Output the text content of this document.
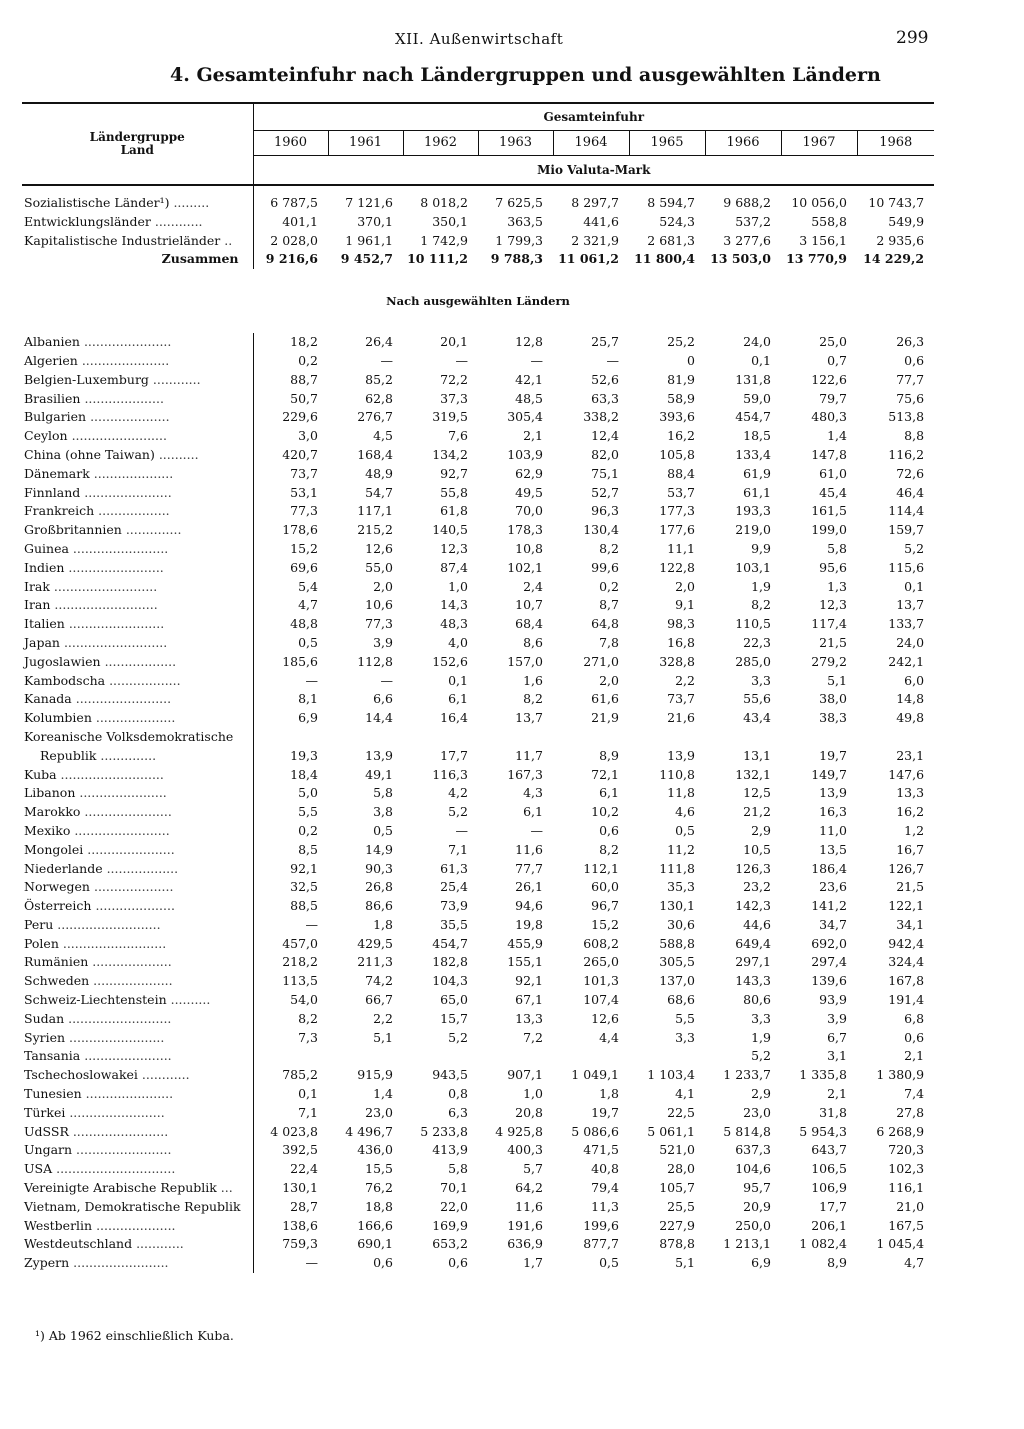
XII. Außenwirtschaft	299
4. Gesamteinfuhr nach Ländergruppen und ausgewählten Ländern
Ländergruppe
Land	Gesamteinfuhr								
	1960	1961	1962	1963	1964	1965	1966	1967	1968
	Mio Valuta-Mark								

Sozialistische Länder¹) .........	6 787,5	7 121,6	8 018,2	7 625,5	8 297,7	8 594,7	9 688,2	10 056,0	10 743,7
Entwicklungsländer ............	401,1	370,1	350,1	363,5	441,6	524,3	537,2	558,8	549,9
Kapitalistische Industrieländer ..	2 028,0	1 961,1	1 742,9	1 799,3	2 321,9	2 681,3	3 277,6	3 156,1	2 935,6
Zusammen	9 216,6	9 452,7	10 111,2	9 788,3	11 061,2	11 800,4	13 503,0	13 770,9	14 229,2
Nach ausgewählten Ländern									
Albanien ......................	18,2	26,4	20,1	12,8	25,7	25,2	24,0	25,0	26,3
Algerien ......................	0,2	—	—	—	—	0	0,1	0,7	0,6
Belgien-Luxemburg ............	88,7	85,2	72,2	42,1	52,6	81,9	131,8	122,6	77,7
Brasilien ....................	50,7	62,8	37,3	48,5	63,3	58,9	59,0	79,7	75,6
Bulgarien ....................	229,6	276,7	319,5	305,4	338,2	393,6	454,7	480,3	513,8
Ceylon ........................	3,0	4,5	7,6	2,1	12,4	16,2	18,5	1,4	8,8
China (ohne Taiwan) ..........	420,7	168,4	134,2	103,9	82,0	105,8	133,4	147,8	116,2
Dänemark ....................	73,7	48,9	92,7	62,9	75,1	88,4	61,9	61,0	72,6
Finnland ......................	53,1	54,7	55,8	49,5	52,7	53,7	61,1	45,4	46,4
Frankreich ..................	77,3	117,1	61,8	70,0	96,3	177,3	193,3	161,5	114,4
Großbritannien ..............	178,6	215,2	140,5	178,3	130,4	177,6	219,0	199,0	159,7
Guinea ........................	15,2	12,6	12,3	10,8	8,2	11,1	9,9	5,8	5,2
Indien ........................	69,6	55,0	87,4	102,1	99,6	122,8	103,1	95,6	115,6
Irak ..........................	5,4	2,0	1,0	2,4	0,2	2,0	1,9	1,3	0,1
Iran ..........................	4,7	10,6	14,3	10,7	8,7	9,1	8,2	12,3	13,7
Italien ........................	48,8	77,3	48,3	68,4	64,8	98,3	110,5	117,4	133,7
Japan ..........................	0,5	3,9	4,0	8,6	7,8	16,8	22,3	21,5	24,0
Jugoslawien ..................	185,6	112,8	152,6	157,0	271,0	328,8	285,0	279,2	242,1
Kambodscha ..................	—	—	0,1	1,6	2,0	2,2	3,3	5,1	6,0
Kanada ........................	8,1	6,6	6,1	8,2	61,6	73,7	55,6	38,0	14,8
Kolumbien ....................	6,9	14,4	16,4	13,7	21,9	21,6	43,4	38,3	49,8
Koreanische Volksdemokratische									
Republik ..............	19,3	13,9	17,7	11,7	8,9	13,9	13,1	19,7	23,1
Kuba ..........................	18,4	49,1	116,3	167,3	72,1	110,8	132,1	149,7	147,6
Libanon ......................	5,0	5,8	4,2	4,3	6,1	11,8	12,5	13,9	13,3
Marokko ......................	5,5	3,8	5,2	6,1	10,2	4,6	21,2	16,3	16,2
Mexiko ........................	0,2	0,5	—	—	0,6	0,5	2,9	11,0	1,2
Mongolei ......................	8,5	14,9	7,1	11,6	8,2	11,2	10,5	13,5	16,7
Niederlande ..................	92,1	90,3	61,3	77,7	112,1	111,8	126,3	186,4	126,7
Norwegen ....................	32,5	26,8	25,4	26,1	60,0	35,3	23,2	23,6	21,5
Österreich ....................	88,5	86,6	73,9	94,6	96,7	130,1	142,3	141,2	122,1
Peru ..........................	—	1,8	35,5	19,8	15,2	30,6	44,6	34,7	34,1
Polen ..........................	457,0	429,5	454,7	455,9	608,2	588,8	649,4	692,0	942,4
Rumänien ....................	218,2	211,3	182,8	155,1	265,0	305,5	297,1	297,4	324,4
Schweden ....................	113,5	74,2	104,3	92,1	101,3	137,0	143,3	139,6	167,8
Schweiz-Liechtenstein ..........	54,0	66,7	65,0	67,1	107,4	68,6	80,6	93,9	191,4
Sudan ..........................	8,2	2,2	15,7	13,3	12,6	5,5	3,3	3,9	6,8
Syrien ........................	7,3	5,1	5,2	7,2	4,4	3,3	1,9	6,7	0,6
Tansania ......................							5,2	3,1	2,1
Tschechoslowakei ............	785,2	915,9	943,5	907,1	1 049,1	1 103,4	1 233,7	1 335,8	1 380,9
Tunesien ......................	0,1	1,4	0,8	1,0	1,8	4,1	2,9	2,1	7,4
Türkei ........................	7,1	23,0	6,3	20,8	19,7	22,5	23,0	31,8	27,8
UdSSR ........................	4 023,8	4 496,7	5 233,8	4 925,8	5 086,6	5 061,1	5 814,8	5 954,3	6 268,9
Ungarn ........................	392,5	436,0	413,9	400,3	471,5	521,0	637,3	643,7	720,3
USA ..............................	22,4	15,5	5,8	5,7	40,8	28,0	104,6	106,5	102,3
Vereinigte Arabische Republik ...	130,1	76,2	70,1	64,2	79,4	105,7	95,7	106,9	116,1
Vietnam, Demokratische Republik	28,7	18,8	22,0	11,6	11,3	25,5	20,9	17,7	21,0
Westberlin ....................	138,6	166,6	169,9	191,6	199,6	227,9	250,0	206,1	167,5
Westdeutschland ............	759,3	690,1	653,2	636,9	877,7	878,8	1 213,1	1 082,4	1 045,4
Zypern ........................	—	0,6	0,6	1,7	0,5	5,1	6,9	8,9	4,7
¹) Ab 1962 einschließlich Kuba.
